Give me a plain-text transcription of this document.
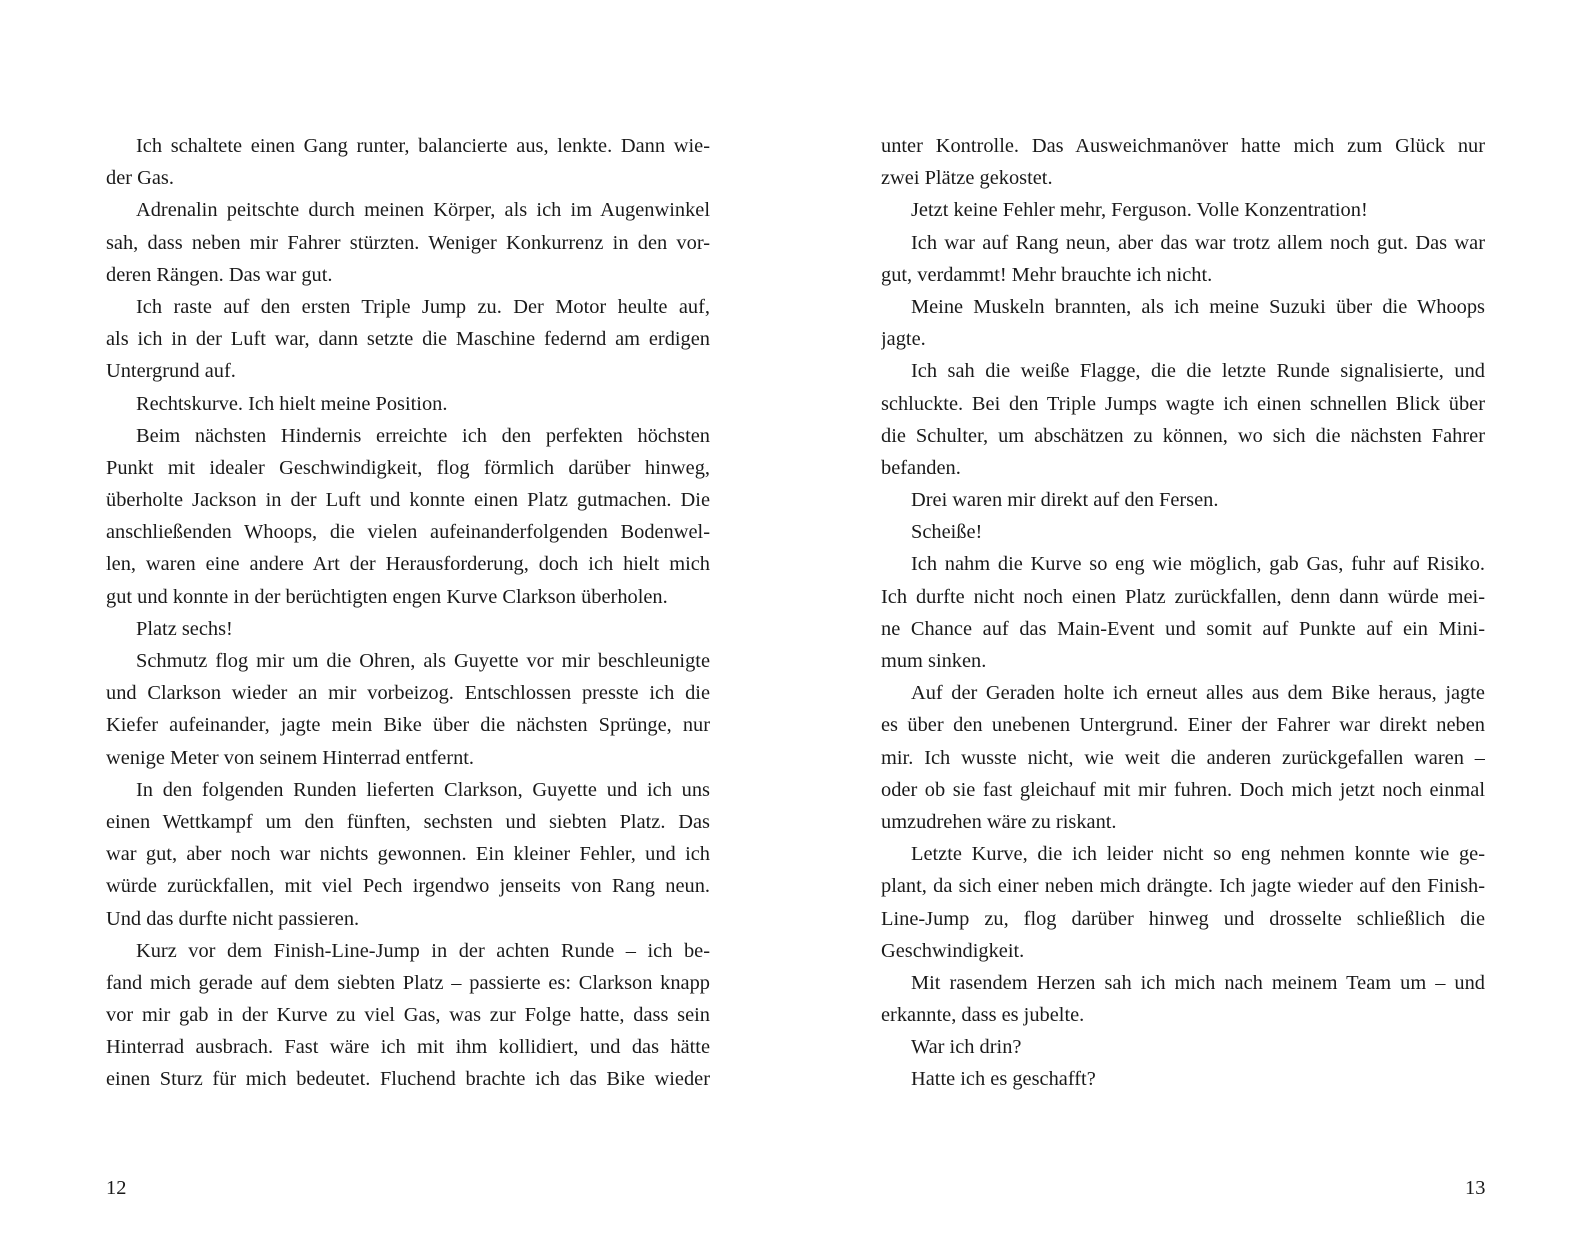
Ich schaltete einen Gang runter, balancierte aus, lenkte. Dann wie-
der Gas.
Adrenalin peitschte durch meinen Körper, als ich im Augenwinkel
sah, dass neben mir Fahrer stürzten. Weniger Konkurrenz in den vor-
deren Rängen. Das war gut.
Ich raste auf den ersten Triple Jump zu. Der Motor heulte auf,
als ich in der Luft war, dann setzte die Maschine federnd am erdigen
Untergrund auf.
Rechtskurve. Ich hielt meine Position.
Beim nächsten Hindernis erreichte ich den perfekten höchsten
Punkt mit idealer Geschwindigkeit, flog förmlich darüber hinweg,
überholte Jackson in der Luft und konnte einen Platz gutmachen. Die
anschließenden Whoops, die vielen aufeinanderfolgenden Bodenwel-
len, waren eine andere Art der Herausforderung, doch ich hielt mich
gut und konnte in der berüchtigten engen Kurve Clarkson überholen.
Platz sechs!
Schmutz flog mir um die Ohren, als Guyette vor mir beschleunigte
und Clarkson wieder an mir vorbeizog. Entschlossen presste ich die
Kiefer aufeinander, jagte mein Bike über die nächsten Sprünge, nur
wenige Meter von seinem Hinterrad entfernt.
In den folgenden Runden lieferten Clarkson, Guyette und ich uns
einen Wettkampf um den fünften, sechsten und siebten Platz. Das
war gut, aber noch war nichts gewonnen. Ein kleiner Fehler, und ich
würde zurückfallen, mit viel Pech irgendwo jenseits von Rang neun.
Und das durfte nicht passieren.
Kurz vor dem Finish-Line-Jump in der achten Runde – ich be-
fand mich gerade auf dem siebten Platz – passierte es: Clarkson knapp
vor mir gab in der Kurve zu viel Gas, was zur Folge hatte, dass sein
Hinterrad ausbrach. Fast wäre ich mit ihm kollidiert, und das hätte
einen Sturz für mich bedeutet. Fluchend brachte ich das Bike wieder
unter Kontrolle. Das Ausweichmanöver hatte mich zum Glück nur
zwei Plätze gekostet.
Jetzt keine Fehler mehr, Ferguson. Volle Konzentration!
Ich war auf Rang neun, aber das war trotz allem noch gut. Das war
gut, verdammt! Mehr brauchte ich nicht.
Meine Muskeln brannten, als ich meine Suzuki über die Whoops
jagte.
Ich sah die weiße Flagge, die die letzte Runde signalisierte, und
schluckte. Bei den Triple Jumps wagte ich einen schnellen Blick über
die Schulter, um abschätzen zu können, wo sich die nächsten Fahrer
befanden.
Drei waren mir direkt auf den Fersen.
Scheiße!
Ich nahm die Kurve so eng wie möglich, gab Gas, fuhr auf Risiko.
Ich durfte nicht noch einen Platz zurückfallen, denn dann würde mei-
ne Chance auf das Main-Event und somit auf Punkte auf ein Mini-
mum sinken.
Auf der Geraden holte ich erneut alles aus dem Bike heraus, jagte
es über den unebenen Untergrund. Einer der Fahrer war direkt neben
mir. Ich wusste nicht, wie weit die anderen zurückgefallen waren –
oder ob sie fast gleichauf mit mir fuhren. Doch mich jetzt noch einmal
umzudrehen wäre zu riskant.
Letzte Kurve, die ich leider nicht so eng nehmen konnte wie ge-
plant, da sich einer neben mich drängte. Ich jagte wieder auf den Finish-
Line-Jump zu, flog darüber hinweg und drosselte schließlich die
Geschwindigkeit.
Mit rasendem Herzen sah ich mich nach meinem Team um – und
erkannte, dass es jubelte.
War ich drin?
Hatte ich es geschafft?
12	13
